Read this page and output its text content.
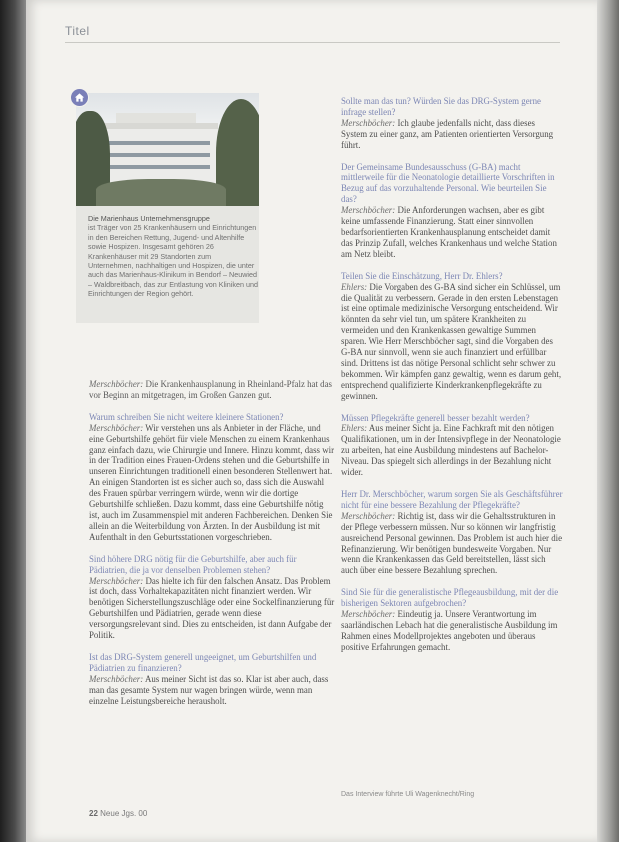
Titel
Die Marienhaus Unternehmensgruppe
ist Träger von 25 Krankenhäusern und Einrichtungen in den Bereichen Rettung, Jugend- und Altenhilfe sowie Hospizen. Insgesamt gehören 26 Krankenhäuser mit 29 Standorten zum Unternehmen, nachhaltigen und Hospizen, die unter auch das Marienhaus-Klinikum in Bendorf – Neuwied – Waldbreitbach, das zur Entlastung von Kliniken und Einrichtungen der Region gehört.

Merschböcher: Die Krankenhausplanung in Rheinland-Pfalz hat das vor Beginn an mitgetragen, im Großen Ganzen gut.

Warum schreiben Sie nicht weitere kleinere Stationen?

Merschböcher: Wir verstehen uns als Anbieter in der Fläche, und eine Geburtshilfe gehört für viele Menschen zu einem Krankenhaus ganz einfach dazu, wie Chirurgie und Innere. Hinzu kommt, dass wir in der Tradition eines Frauen-Ordens stehen und die Geburtshilfe in unseren Einrichtungen traditionell einen besonderen Stellenwert hat. An einigen Standorten ist es sicher auch so, dass sich die Auswahl des Frauen spürbar verringern würde, wenn wir die dortige Geburtshilfe schließen. Dazu kommt, dass eine Geburtshilfe nötig ist, auch im Zusammenspiel mit anderen Fachbereichen. Denken Sie allein an die Weiterbildung von Ärzten. In der Ausbildung ist mit Aufenthalt in den Geburtsstationen vorgeschrieben.

Sind höhere DRG nötig für die Geburtshilfe, aber auch für Pädiatrien, die ja vor denselben Problemen stehen?

Merschböcher: Das hielte ich für den falschen Ansatz. Das Problem ist doch, dass Vorhaltekapazitäten nicht finanziert werden. Wir benötigen Sicherstellungszuschläge oder eine Sockelfinanzierung für Geburtshilfen und Pädiatrien, gerade wenn diese versorgungsrelevant sind. Dies zu entscheiden, ist dann Aufgabe der Politik.

Ist das DRG-System generell ungeeignet, um Geburtshilfen und Pädiatrien zu finanzieren?

Merschböcher: Aus meiner Sicht ist das so. Klar ist aber auch, dass man das gesamte System nur wagen bringen würde, wenn man einzelne Leistungsbereiche herausholt.

Sollte man das tun? Würden Sie das DRG-System gerne infrage stellen?

Merschböcher: Ich glaube jedenfalls nicht, dass dieses System zu einer ganz, am Patienten orientierten Versorgung führt.

Der Gemeinsame Bundesausschuss (G-BA) macht mittlerweile für die Neonatologie detaillierte Vorschriften in Bezug auf das vorzuhaltende Personal. Wie beurteilen Sie das?

Merschböcher: Die Anforderungen wachsen, aber es gibt keine umfassende Finanzierung. Statt einer sinnvollen bedarfsorientierten Krankenhausplanung entscheidet damit das Prinzip Zufall, welches Krankenhaus und welche Station am Netz bleibt.

Teilen Sie die Einschätzung, Herr Dr. Ehlers?

Ehlers: Die Vorgaben des G-BA sind sicher ein Schlüssel, um die Qualität zu verbessern. Gerade in den ersten Lebenstagen ist eine optimale medizinische Versorgung entscheidend. Wir könnten da sehr viel tun, um spätere Krankheiten zu vermeiden und den Krankenkassen gewaltige Summen sparen. Wie Herr Merschböcher sagt, sind die Vorgaben des G-BA nur sinnvoll, wenn sie auch finanziert und erfüllbar sind. Drittens ist das nötige Personal schlicht sehr schwer zu bekommen. Wir kämpfen ganz gewaltig, wenn es darum geht, entsprechend qualifizierte Kinderkrankenpflegekräfte zu gewinnen.

Müssen Pflegekräfte generell besser bezahlt werden?

Ehlers: Aus meiner Sicht ja. Eine Fachkraft mit den nötigen Qualifikationen, um in der Intensivpflege in der Neonatologie zu arbeiten, hat eine Ausbildung mindestens auf Bachelor-Niveau. Das spiegelt sich allerdings in der Bezahlung nicht wider.

Herr Dr. Merschböcher, warum sorgen Sie als Geschäftsführer nicht für eine bessere Bezahlung der Pflegekräfte?

Merschböcher: Richtig ist, dass wir die Gehaltsstrukturen in der Pflege verbessern müssen. Nur so können wir langfristig ausreichend Personal gewinnen. Das Problem ist auch hier die Refinanzierung. Wir benötigen bundesweite Vorgaben. Nur wenn die Krankenkassen das Geld bereitstellen, lässt sich auch über eine bessere Bezahlung sprechen.

Sind Sie für die generalistische Pflegeausbildung, mit der die bisherigen Sektoren aufgebrochen?

Merschböcher: Eindeutig ja. Unsere Verantwortung im saarländischen Lebach hat die generalistische Ausbildung im Rahmen eines Modellprojektes angeboten und überaus positive Erfahrungen gemacht.

Das Interview führte Uli Wagenknecht/Ring
22 Neue Jgs. 00
